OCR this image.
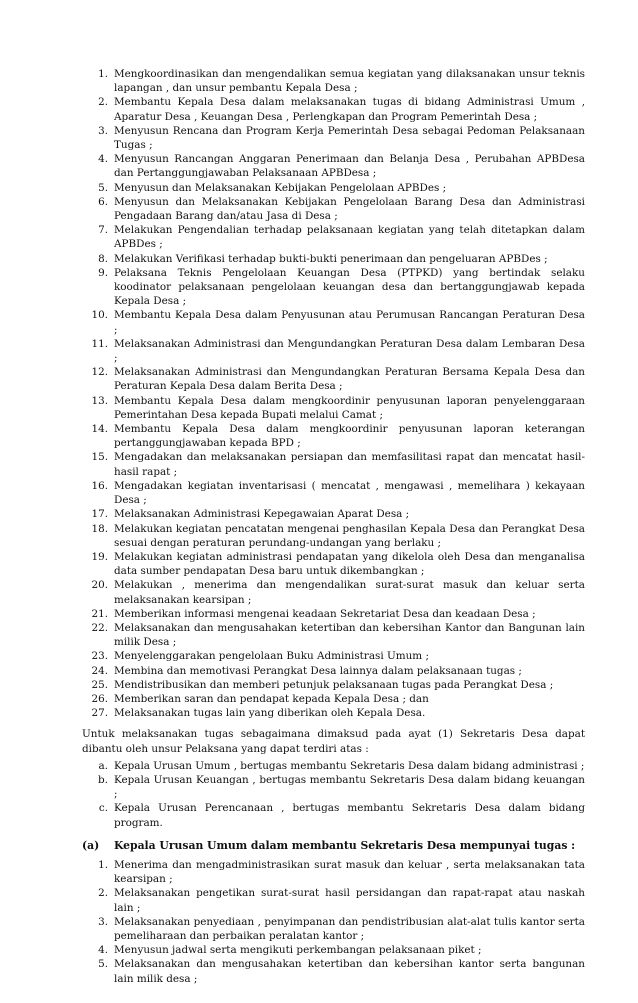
1. Mengkoordinasikan dan mengendalikan semua kegiatan yang dilaksanakan unsur teknis lapangan , dan unsur pembantu Kepala Desa ;
2. Membantu Kepala Desa dalam melaksanakan tugas di bidang Administrasi Umum , Aparatur Desa , Keuangan Desa , Perlengkapan dan Program Pemerintah Desa ;
3. Menyusun Rencana dan Program Kerja Pemerintah Desa sebagai Pedoman Pelaksanaan Tugas ;
4. Menyusun Rancangan Anggaran Penerimaan dan Belanja Desa , Perubahan APBDesa dan Pertanggungjawaban Pelaksanaan APBDesa ;
5. Menyusun dan Melaksanakan Kebijakan Pengelolaan APBDes ;
6. Menyusun dan Melaksanakan Kebijakan Pengelolaan Barang Desa dan Administrasi Pengadaan Barang dan/atau Jasa di Desa ;
7. Melakukan Pengendalian terhadap pelaksanaan kegiatan yang telah ditetapkan dalam APBDes ;
8. Melakukan Verifikasi terhadap bukti-bukti penerimaan dan pengeluaran APBDes ;
9. Pelaksana Teknis Pengelolaan Keuangan Desa (PTPKD) yang bertindak selaku koodinator pelaksanaan pengelolaan keuangan desa dan bertanggungjawab kepada Kepala Desa ;
10. Membantu Kepala Desa dalam Penyusunan atau Perumusan Rancangan Peraturan Desa ;
11. Melaksanakan Administrasi dan Mengundangkan Peraturan Desa dalam Lembaran Desa ;
12. Melaksanakan Administrasi dan Mengundangkan Peraturan Bersama Kepala Desa dan Peraturan Kepala Desa dalam Berita Desa ;
13. Membantu Kepala Desa dalam mengkoordinir penyusunan laporan penyelenggaraan Pemerintahan Desa kepada Bupati melalui Camat ;
14. Membantu Kepala Desa dalam mengkoordinir penyusunan laporan keterangan pertanggungjawaban kepada BPD ;
15. Mengadakan dan melaksanakan persiapan dan memfasilitasi rapat dan mencatat hasil-hasil rapat ;
16. Mengadakan kegiatan inventarisasi ( mencatat , mengawasi , memelihara ) kekayaan Desa ;
17. Melaksanakan Administrasi Kepegawaian Aparat Desa ;
18. Melakukan kegiatan pencatatan mengenai penghasilan Kepala Desa dan Perangkat Desa sesuai dengan peraturan perundang-undangan yang berlaku ;
19. Melakukan kegiatan administrasi pendapatan yang dikelola oleh Desa dan menganalisa data sumber pendapatan Desa baru untuk dikembangkan ;
20. Melakukan , menerima dan mengendalikan surat-surat masuk dan keluar serta melaksanakan kearsipan ;
21. Memberikan informasi mengenai keadaan Sekretariat Desa dan keadaan Desa ;
22. Melaksanakan dan mengusahakan ketertiban dan kebersihan Kantor dan Bangunan lain milik Desa ;
23. Menyelenggarakan pengelolaan Buku Administrasi Umum ;
24. Membina dan memotivasi Perangkat Desa lainnya dalam pelaksanaan tugas ;
25. Mendistribusikan dan memberi petunjuk pelaksanaan tugas pada Perangkat Desa ;
26. Memberikan saran dan pendapat kepada Kepala Desa ; dan
27. Melaksanakan tugas lain yang diberikan oleh Kepala Desa.
Untuk melaksanakan tugas sebagaimana dimaksud pada ayat (1) Sekretaris Desa dapat dibantu oleh unsur Pelaksana yang dapat terdiri atas :
a. Kepala Urusan Umum , bertugas membantu Sekretaris Desa dalam bidang administrasi ;
b. Kepala Urusan Keuangan , bertugas membantu Sekretaris Desa dalam bidang keuangan ;
c. Kepala Urusan Perencanaan , bertugas membantu Sekretaris Desa dalam bidang program.
(a) Kepala Urusan Umum dalam membantu Sekretaris Desa mempunyai tugas :
1. Menerima dan mengadministrasikan surat masuk dan keluar , serta melaksanakan tata kearsipan ;
2. Melaksanakan pengetikan surat-surat hasil persidangan dan rapat-rapat atau naskah lain ;
3. Melaksanakan penyediaan , penyimpanan dan pendistribusian alat-alat tulis kantor serta pemeliharaan dan perbaikan peralatan kantor ;
4. Menyusun jadwal serta mengikuti perkembangan pelaksanaan piket ;
5. Melaksanakan dan mengusahakan ketertiban dan kebersihan kantor serta bangunan lain milik desa ;
